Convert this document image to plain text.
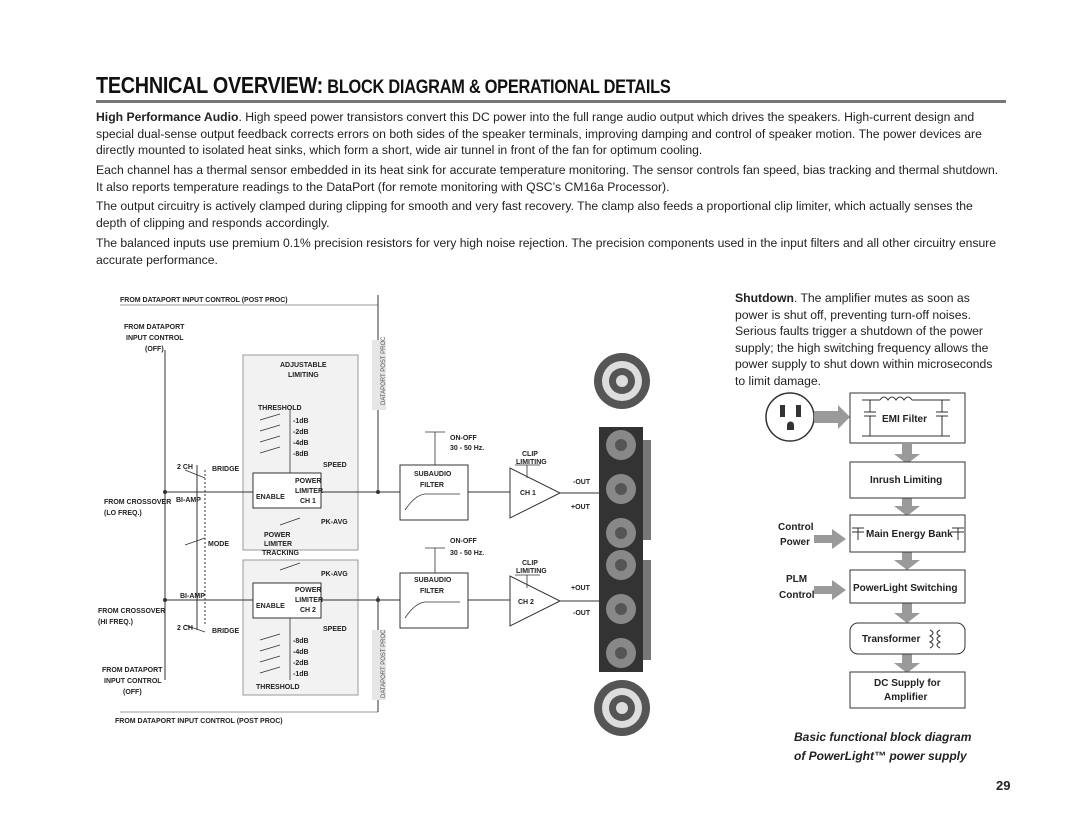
TECHNICAL OVERVIEW: BLOCK DIAGRAM & OPERATIONAL DETAILS
High Performance Audio. High speed power transistors convert this DC power into the full range audio output which drives the speakers. High-current design and special dual-sense output feedback corrects errors on both sides of the speaker terminals, improving damping and control of speaker motion. The power devices are directly mounted to isolated heat sinks, which form a short, wide air tunnel in front of the fan for optimum cooling.
Each channel has a thermal sensor embedded in its heat sink for accurate temperature monitoring. The sensor controls fan speed, bias tracking and thermal shutdown. It also reports temperature readings to the DataPort (for remote monitoring with QSC’s CM16a Processor).
The output circuitry is actively clamped during clipping for smooth and very fast recovery. The clamp also feeds a proportional clip limiter, which actually senses the depth of clipping and responds accordingly.
The balanced inputs use premium 0.1% precision resistors for very high noise rejection. The precision components used in the input filters and all other circuitry ensure accurate performance.
Shutdown. The amplifier mutes as soon as power is shut off, preventing turn-off noises. Serious faults trigger a shutdown of the power supply; the high switching frequency allows the power supply to shut down within microseconds to limit damage.
FROM DATAPORT INPUT CONTROL (POST PROC)
FROM DATAPORT INPUT CONTROL (POST PROC)
FROM DATAPORT
INPUT CONTROL
(OFF)
FROM DATAPORT
INPUT CONTROL
(OFF)
ADJUSTABLE
LIMITING
THRESHOLD
THRESHOLD
-1dB
-2dB
-4dB
-8dB
-8dB
-4dB
-2dB
-1dB
SPEED
SPEED
PK-AVG
PK-AVG
POWER
LIMITER
CH 1
POWER
LIMITER
CH 2
ENABLE
ENABLE
POWER
LIMITER
TRACKING
2 CH
2 CH
BRIDGE
BRIDGE
BI-AMP
BI-AMP
MODE
FROM CROSSOVER
(LO FREQ.)
FROM CROSSOVER
(HI FREQ.)
SUBAUDIO
FILTER
SUBAUDIO
FILTER
ON-OFF
ON-OFF
30 - 50 Hz.
30 - 50 Hz.
CLIP
LIMITING
CLIP
LIMITING
CH 1
CH 2
-OUT
+OUT
+OUT
-OUT
DATAPORT POST PROC
DATAPORT POST PROC
EMI Filter
Inrush Limiting
Control
Power
Main Energy Bank
PLM
Control
PowerLight Switching
Transformer
DC Supply for
Amplifier
Basic functional block diagram
of PowerLight™ power supply
29
